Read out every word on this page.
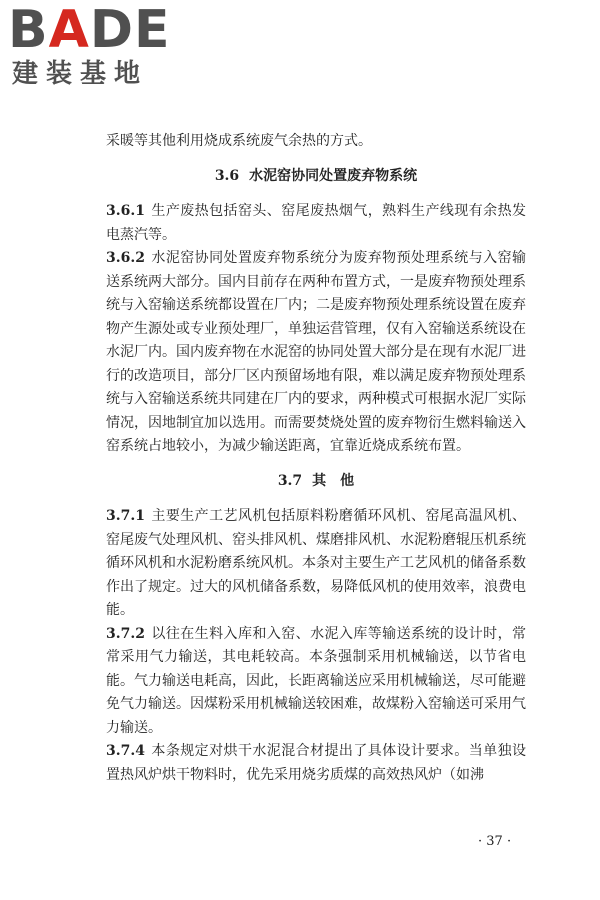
BADE
建装基地

采暖等其他利用烧成系统废气余热的方式。

3.6 水泥窑协同处置废弃物系统

3.6.1 生产废热包括窑头、窑尾废热烟气，熟料生产线现有余热发电蒸汽等。

3.6.2 水泥窑协同处置废弃物系统分为废弃物预处理系统与入窑输送系统两大部分。国内目前存在两种布置方式，一是废弃物预处理系统与入窑输送系统都设置在厂内；二是废弃物预处理系统设置在废弃物产生源处或专业预处理厂，单独运营管理，仅有入窑输送系统设在水泥厂内。国内废弃物在水泥窑的协同处置大部分是在现有水泥厂进行的改造项目，部分厂区内预留场地有限，难以满足废弃物预处理系统与入窑输送系统共同建在厂内的要求，两种模式可根据水泥厂实际情况，因地制宜加以选用。而需要焚烧处置的废弃物衍生燃料输送入窑系统占地较小，为减少输送距离，宜靠近烧成系统布置。

3.7 其　他

3.7.1 主要生产工艺风机包括原料粉磨循环风机、窑尾高温风机、窑尾废气处理风机、窑头排风机、煤磨排风机、水泥粉磨辊压机系统循环风机和水泥粉磨系统风机。本条对主要生产工艺风机的储备系数作出了规定。过大的风机储备系数，易降低风机的使用效率，浪费电能。

3.7.2 以往在生料入库和入窑、水泥入库等输送系统的设计时，常常采用气力输送，其电耗较高。本条强制采用机械输送，以节省电能。气力输送电耗高，因此，长距离输送应采用机械输送，尽可能避免气力输送。因煤粉采用机械输送较困难，故煤粉入窑输送可采用气力输送。

3.7.4 本条规定对烘干水泥混合材提出了具体设计要求。当单独设置热风炉烘干物料时，优先采用烧劣质煤的高效热风炉（如沸

· 37 ·
